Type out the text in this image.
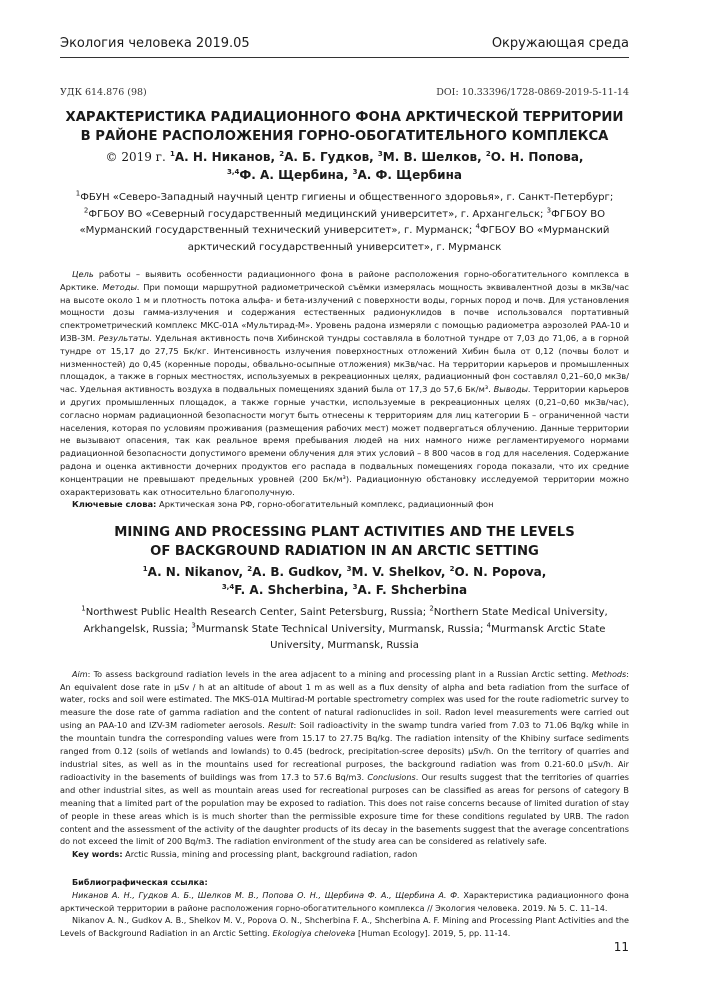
Экология человека 2019.05	Окружающая среда
УДК 614.876 (98)	DOI: 10.33396/1728-0869-2019-5-11-14
ХАРАКТЕРИСТИКА РАДИАЦИОННОГО ФОНА АРКТИЧЕСКОЙ ТЕРРИТОРИИ
В РАЙОНЕ РАСПОЛОЖЕНИЯ ГОРНО-ОБОГАТИТЕЛЬНОГО КОМПЛЕКСА
© 2019 г. $^1$А. Н. Никанов, $^2$А. Б. Гудков, $^3$М. В. Шелков, $^2$О. Н. Попова,
$^{3,4}$Ф. А. Щербина, $^3$А. Ф. Щербина
$^1$ФБУН «Северо-Западный научный центр гигиены и общественного здоровья», г. Санкт-Петербург; $^2$ФГБОУ ВО «Северный государственный медицинский университет», г. Архангельск; $^3$ФГБОУ ВО «Мурманский государственный технический университет», г. Мурманск; $^4$ФГБОУ ВО «Мурманский арктический государственный университет», г. Мурманск
Цель работы – выявить особенности радиационного фона в районе расположения горно-обогатительного комплекса в Арктике. Методы. При помощи маршрутной радиометрической съёмки измерялась мощность эквивалентной дозы в мкЗв/час на высоте около 1 м и плотность потока альфа- и бета-излучений с поверхности воды, горных пород и почв. Для установления мощности дозы гамма-излучения и содержания естественных радионуклидов в почве использовался портативный спектрометрический комплекс МКС-01А «Мультирад-М». Уровень радона измеряли с помощью радиометра аэрозолей РАА-10 и ИЗВ-3М. Результаты. Удельная активность почв Хибинской тундры составляла в болотной тундре от 7,03 до 71,06, а в горной тундре от 15,17 до 27,75 Бк/кг. Интенсивность излучения поверхностных отложений Хибин была от 0,12 (почвы болот и низменностей) до 0,45 (коренные породы, обвально-осыпные отложения) мкЗв/час. На территории карьеров и промышленных площадок, а также в горных местностях, используемых в рекреационных целях, радиационный фон составлял 0,21–60,0 мкЗв/час. Удельная активность воздуха в подвальных помещениях зданий была от 17,3 до 57,6 Бк/м³. Выводы. Территории карьеров и других промышленных площадок, а также горные участки, используемые в рекреационных целях (0,21–0,60 мкЗв/час), согласно нормам радиационной безопасности могут быть отнесены к территориям для лиц категории Б – ограниченной части населения, которая по условиям проживания (размещения рабочих мест) может подвергаться облучению. Данные территории не вызывают опасения, так как реальное время пребывания людей на них намного ниже регламентируемого нормами радиационной безопасности допустимого времени облучения для этих условий – 8 800 часов в год для населения. Содержание радона и оценка активности дочерних продуктов его распада в подвальных помещениях города показали, что их средние концентрации не превышают предельных уровней (200 Бк/м³). Радиационную обстановку исследуемой территории можно охарактеризовать как относительно благополучную.
Ключевые слова: Арктическая зона РФ, горно-обогатительный комплекс, радиационный фон
MINING AND PROCESSING PLANT ACTIVITIES AND THE LEVELS
OF BACKGROUND RADIATION IN AN ARCTIC SETTING
$^1$A. N. Nikanov, $^2$A. B. Gudkov, $^3$M. V. Shelkov, $^2$O. N. Popova,
$^{3,4}$F. A. Shcherbina, $^3$A. F. Shcherbina
$^1$Northwest Public Health Research Center, Saint Petersburg, Russia; $^2$Northern State Medical University, Arkhangelsk, Russia; $^3$Murmansk State Technical University, Murmansk, Russia; $^4$Murmansk Arctic State University, Murmansk, Russia
Aim: To assess background radiation levels in the area adjacent to a mining and processing plant in a Russian Arctic setting. Methods: An equivalent dose rate in μSv / h at an altitude of about 1 m as well as a flux density of alpha and beta radiation from the surface of water, rocks and soil were estimated. The MKS-01A Multirad-M portable spectrometry complex was used for the route radiometric survey to measure the dose rate of gamma radiation and the content of natural radionuclides in soil. Radon level measurements were carried out using an PAA-10 and IZV-3M radiometer aerosols. Result: Soil radioactivity in the swamp tundra varied from 7.03 to 71.06 Bq/kg while in the mountain tundra the corresponding values were from 15.17 to 27.75 Bq/kg. The radiation intensity of the Khibiny surface sediments ranged from 0.12 (soils of wetlands and lowlands) to 0.45 (bedrock, precipitation-scree deposits) μSv/h. On the territory of quarries and industrial sites, as well as in the mountains used for recreational purposes, the background radiation was from 0.21-60.0 μSv/h. Air radioactivity in the basements of buildings was from 17.3 to 57.6 Bq/m3. Conclusions. Our results suggest that the territories of quarries and other industrial sites, as well as mountain areas used for recreational purposes can be classified as areas for persons of category B meaning that a limited part of the population may be exposed to radiation. This does not raise concerns because of limited duration of stay of people in these areas which is is much shorter than the permissible exposure time for these conditions regulated by URB. The radon content and the assessment of the activity of the daughter products of its decay in the basements suggest that the average concentrations do not exceed the limit of 200 Bq/m3. The radiation environment of the study area can be considered as relatively safe.
Key words: Arctic Russia, mining and processing plant, background radiation, radon
Библиографическая ссылка:
Никанов А. Н., Гудков А. Б., Шелков М. В., Попова О. Н., Щербина Ф. А., Щербина А. Ф. Характеристика радиационного фона арктической территории в районе расположения горно-обогатительного комплекса // Экология человека. 2019. № 5. С. 11–14.
Nikanov A. N., Gudkov A. B., Shelkov M. V., Popova O. N., Shcherbina F. A., Shcherbina A. F. Mining and Processing Plant Activities and the Levels of Background Radiation in an Arctic Setting. Ekologiya cheloveka [Human Ecology]. 2019, 5, pp. 11-14.
11
